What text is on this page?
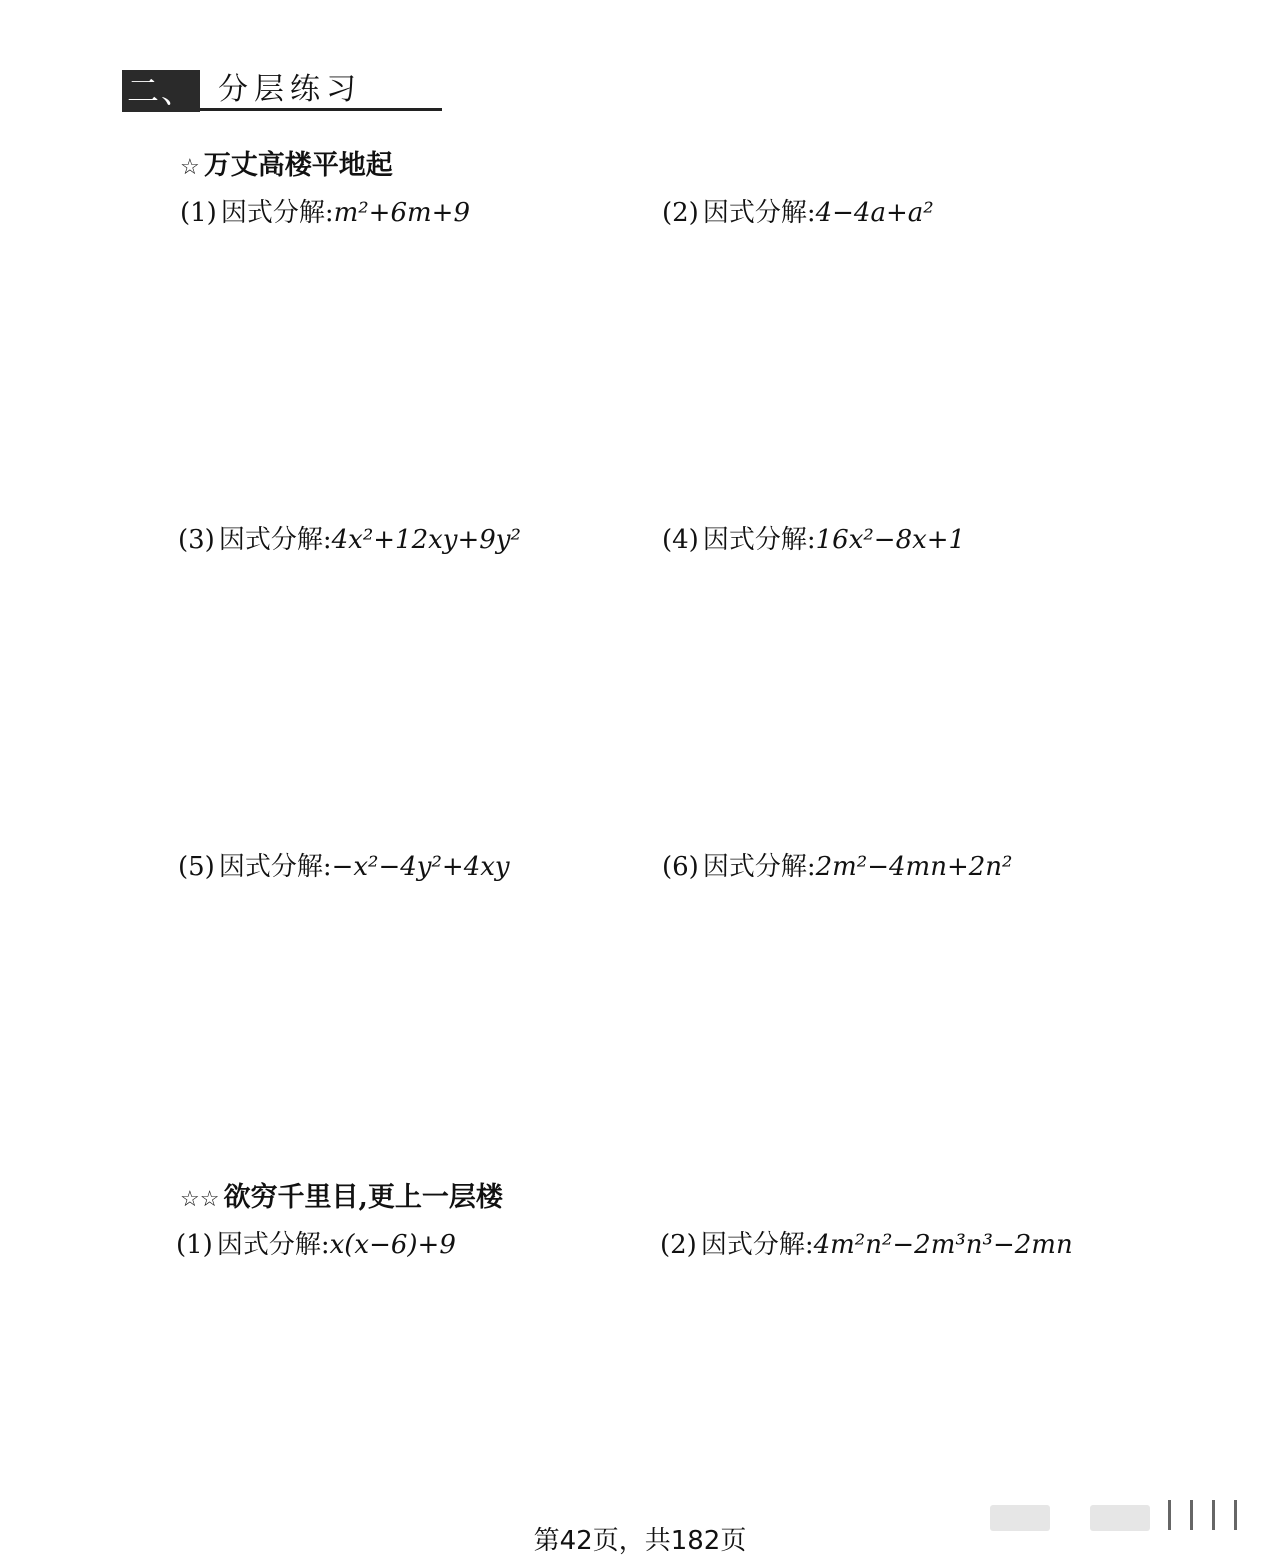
二、 分层练习
☆ 万丈高楼平地起
(1) 因式分解:m²+6m+9	(2) 因式分解:4−4a+a²
(3) 因式分解:4x²+12xy+9y²	(4) 因式分解:16x²−8x+1
(5) 因式分解:−x²−4y²+4xy	(6) 因式分解:2m²−4mn+2n²
☆☆ 欲穷千里目,更上一层楼
(1) 因式分解:x(x−6)+9	(2) 因式分解:4m²n²−2m³n³−2mn
第42页，共182页
